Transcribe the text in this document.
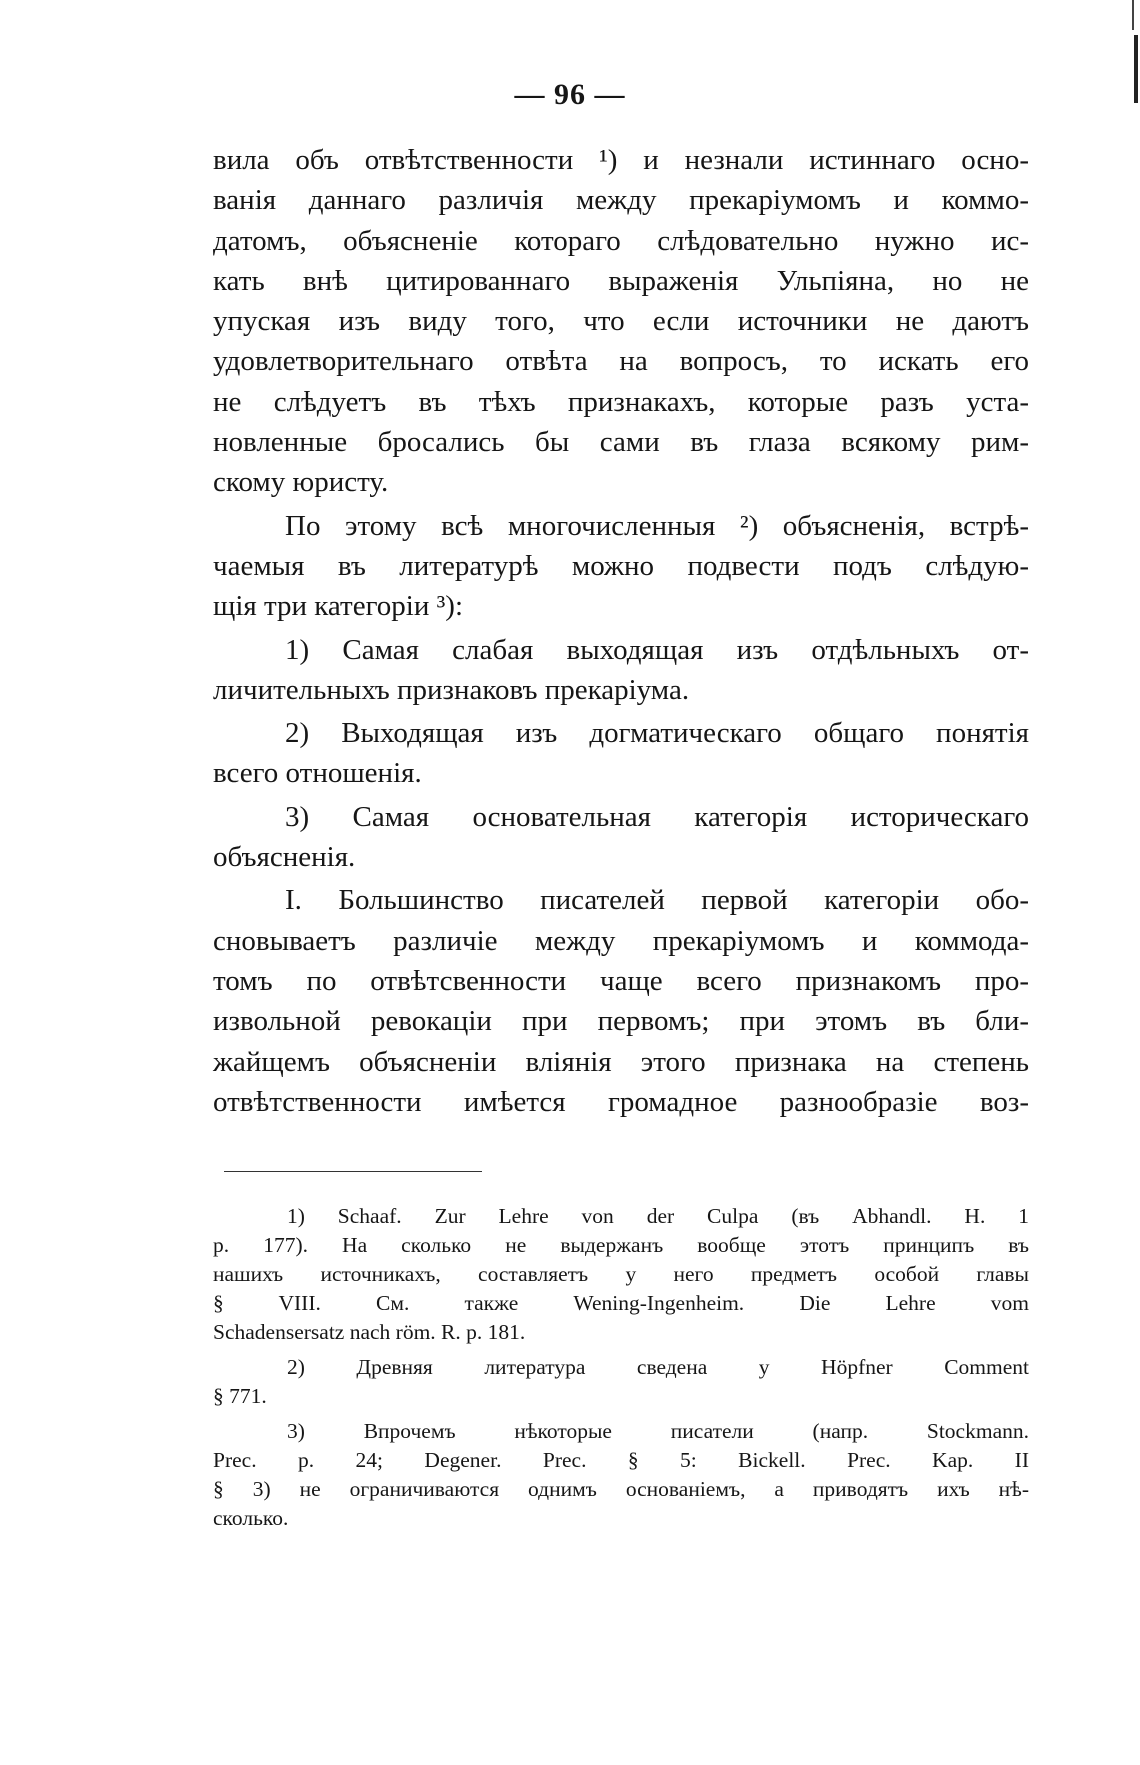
— 96 —

вила объ отвѣтственности ¹) и незнали истиннаго осно-

ванія даннаго различія между прекаріумомъ и коммо-

датомъ, объясненіе котораго слѣдовательно нужно ис-

кать внѣ цитированнаго выраженія Ульпіяна, но не

упуская изъ виду того, что если источники не даютъ

удовлетворительнаго отвѣта на вопросъ, то искать его

не слѣдуетъ въ тѣхъ признакахъ, которые разъ уста-

новленные бросались бы сами въ глаза всякому рим-

скому юристу.

По этому всѣ многочисленныя ²) объясненія, встрѣ-

чаемыя въ литературѣ можно подвести подъ слѣдую-

щія три категоріи ³):

1) Самая слабая выходящая изъ отдѣльныхъ от-

личительныхъ признаковъ прекаріума.

2) Выходящая изъ догматическаго общаго понятія

всего отношенія.

3) Самая основательная категорія историческаго

объясненія.

I. Большинство писателей первой категоріи обо-

сновываетъ различіе между прекаріумомъ и коммода-

томъ по отвѣтсвенности чаще всего признакомъ про-

извольной ревокаціи при первомъ; при этомъ въ бли-

жайщемъ объясненіи вліянія этого признака на степень

отвѣтственности имѣется громадное разнообразіе воз-

1) Schaaf. Zur Lehre von der Culpa (въ Abhandl. H. 1

p. 177). На сколько не выдержанъ вообще этотъ принципъ въ

нашихъ источникахъ, составляетъ у него предметъ особой главы

§ VIII. См. также Wening-Ingenheim. Die Lehre vom

Schadensersatz nach röm. R. p. 181.

2) Древняя литература сведена у Höpfner Comment

§ 771.

3) Впрочемъ нѣкоторые писатели (напр. Stockmann.

Prec. p. 24; Degener. Prec. § 5: Bickell. Prec. Kap. II

§ 3) не ограничиваются однимъ основаніемъ, а приводятъ ихъ нѣ-

сколько.
